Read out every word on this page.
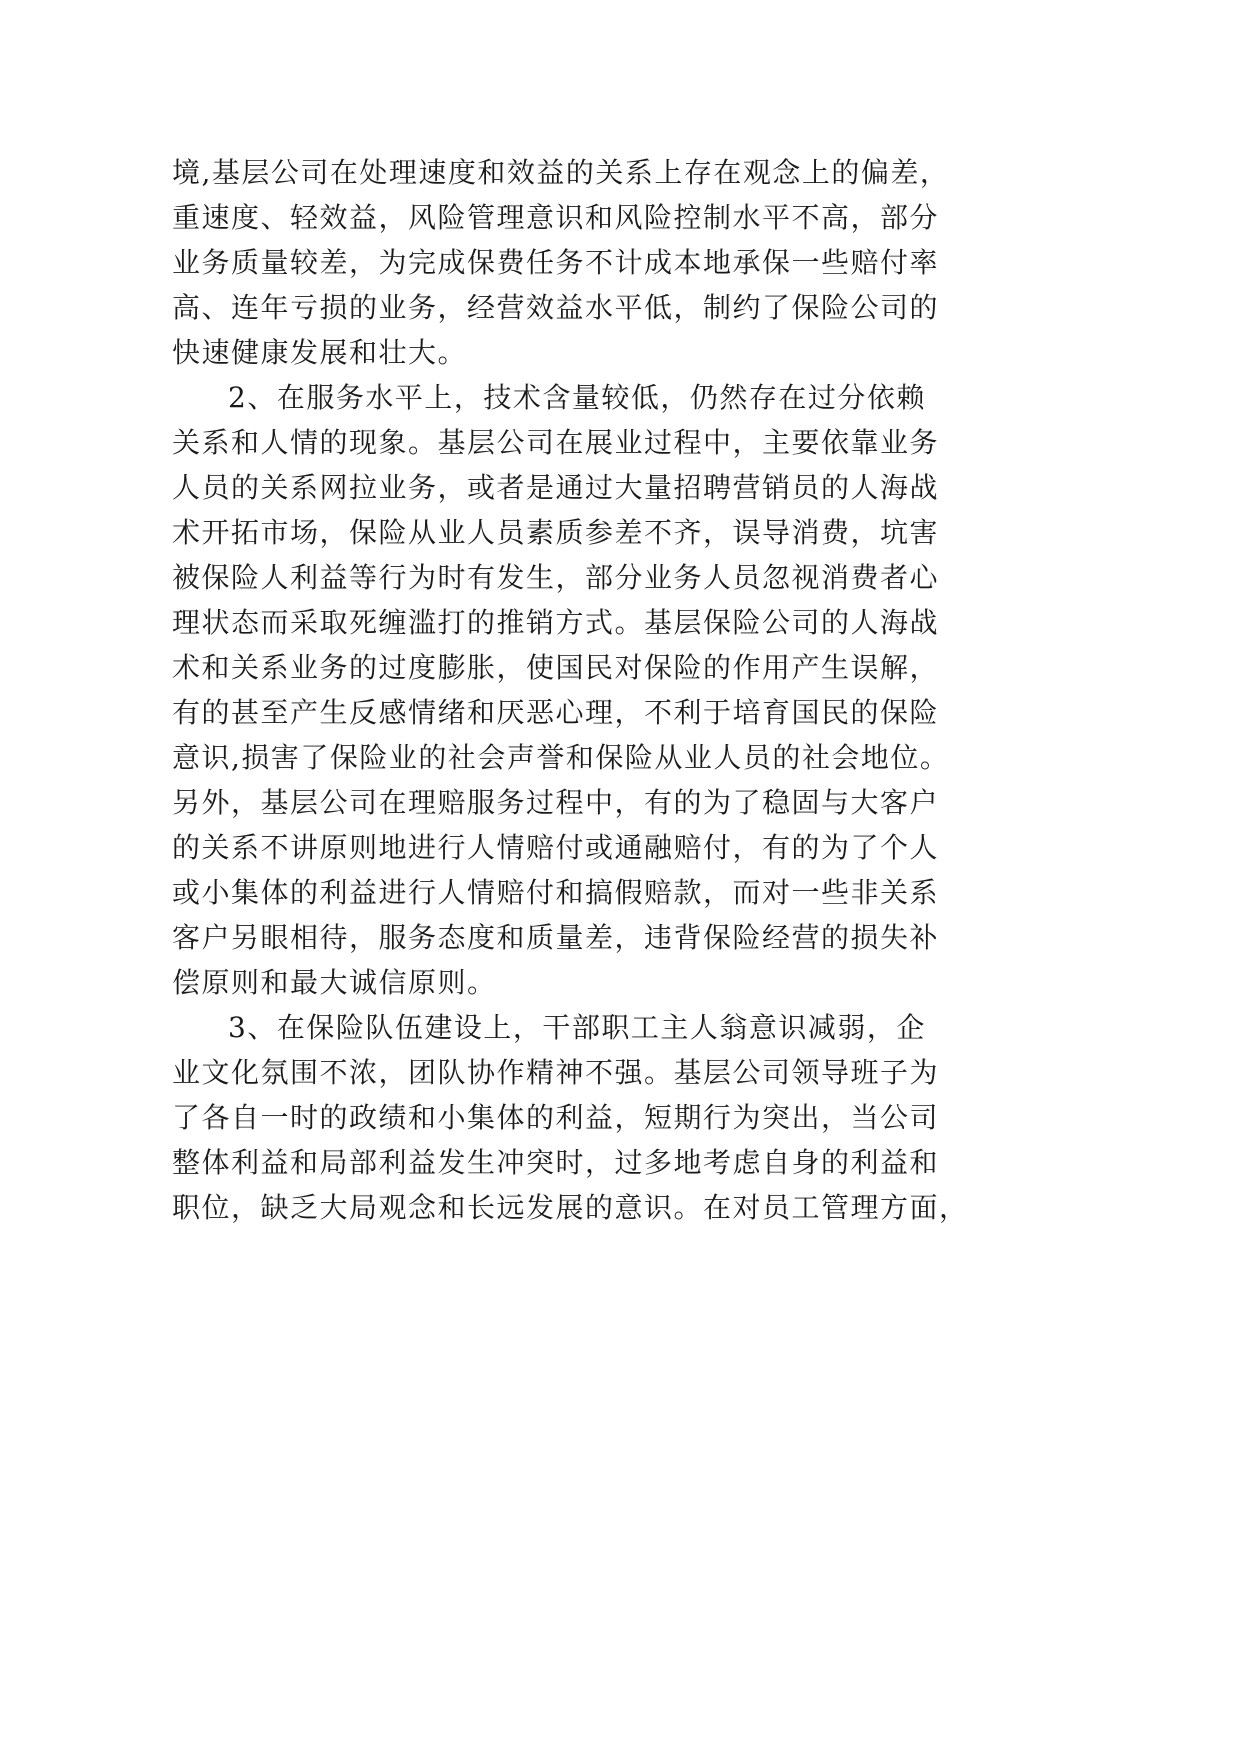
境,基层公司在处理速度和效益的关系上存在观念上的偏差，
重速度、轻效益，风险管理意识和风险控制水平不高，部分
业务质量较差，为完成保费任务不计成本地承保一些赔付率
高、连年亏损的业务，经营效益水平低，制约了保险公司的
快速健康发展和壮大。
2、在服务水平上，技术含量较低，仍然存在过分依赖
关系和人情的现象。基层公司在展业过程中，主要依靠业务
人员的关系网拉业务，或者是通过大量招聘营销员的人海战
术开拓市场，保险从业人员素质参差不齐，误导消费，坑害
被保险人利益等行为时有发生，部分业务人员忽视消费者心
理状态而采取死缠滥打的推销方式。基层保险公司的人海战
术和关系业务的过度膨胀，使国民对保险的作用产生误解，
有的甚至产生反感情绪和厌恶心理，不利于培育国民的保险
意识,损害了保险业的社会声誉和保险从业人员的社会地位。
另外，基层公司在理赔服务过程中，有的为了稳固与大客户
的关系不讲原则地进行人情赔付或通融赔付，有的为了个人
或小集体的利益进行人情赔付和搞假赔款，而对一些非关系
客户另眼相待，服务态度和质量差，违背保险经营的损失补
偿原则和最大诚信原则。
3、在保险队伍建设上，干部职工主人翁意识减弱，企
业文化氛围不浓，团队协作精神不强。基层公司领导班子为
了各自一时的政绩和小集体的利益，短期行为突出，当公司
整体利益和局部利益发生冲突时，过多地考虑自身的利益和
职位，缺乏大局观念和长远发展的意识。在对员工管理方面，
